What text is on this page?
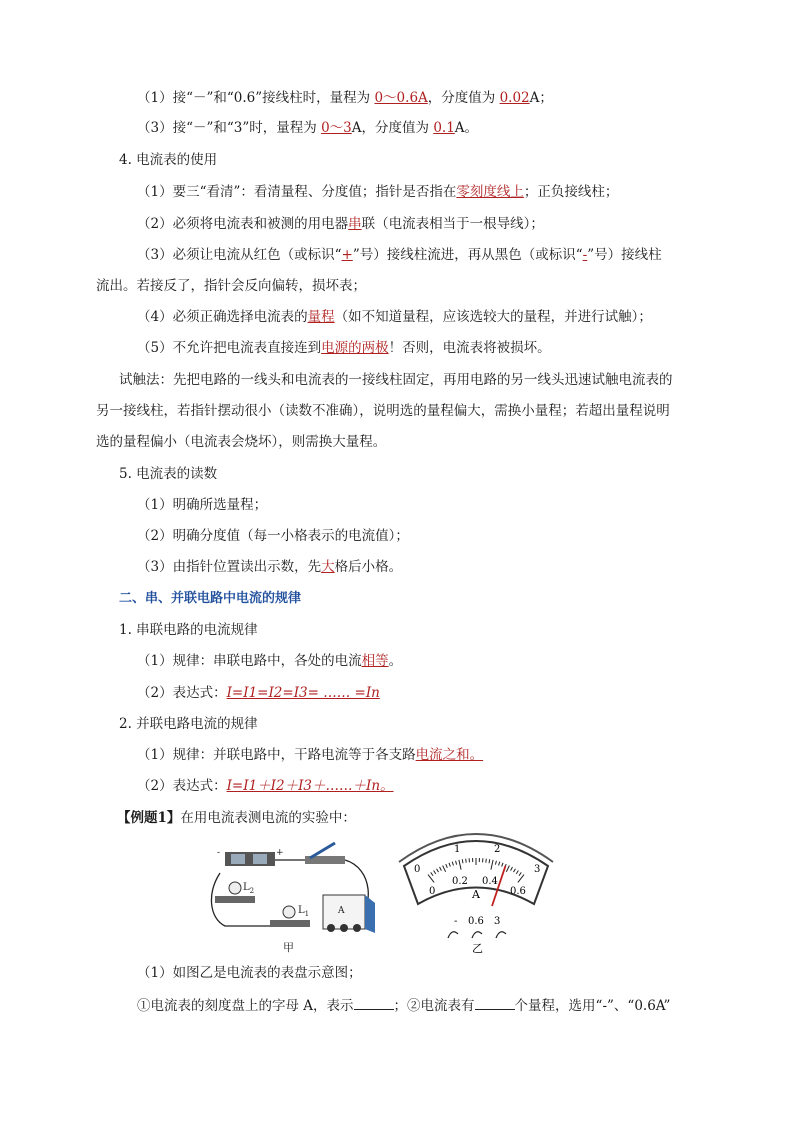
（1）接“－”和“0.6”接线柱时，量程为 0～0.6A，分度值为 0.02A；
（3）接“－”和“3”时，量程为 0～3A，分度值为 0.1A。
4. 电流表的使用
（1）要三“看清”：看清量程、分度值；指针是否指在零刻度线上；正负接线柱；
（2）必须将电流表和被测的用电器串联（电流表相当于一根导线）；
（3）必须让电流从红色（或标识“+”号）接线柱流进，再从黑色（或标识“-”号）接线柱
流出。若接反了，指针会反向偏转，损坏表；
（4）必须正确选择电流表的量程（如不知道量程，应该选较大的量程，并进行试触）；
（5）不允许把电流表直接连到电源的两极！否则，电流表将被损坏。
试触法：先把电路的一线头和电流表的一接线柱固定，再用电路的另一线头迅速试触电流表的
另一接线柱，若指针摆动很小（读数不准确），说明选的量程偏大，需换小量程；若超出量程说明
选的量程偏小（电流表会烧坏），则需换大量程。
5. 电流表的读数
（1）明确所选量程；
（2）明确分度值（每一小格表示的电流值）；
（3）由指针位置读出示数，先大格后小格。
二、串、并联电路中电流的规律
1. 串联电路的电流规律
（1）规律：串联电路中，各处的电流相等。
（2）表达式：I=I1=I2=I3= …… =In
2. 并联电路电流的规律
（1）规律：并联电路中，干路电流等于各支路电流之和。
（2）表达式：I=I1＋I2＋I3＋……＋In。
【例题1】在用电流表测电流的实验中：
-	+
$L_2$
$L_1$	A
甲
0
1	2
3
0
0.2 0.4
0.6
A
- 0.6 3
乙
（1）如图乙是电流表的表盘示意图；
①电流表的刻度盘上的字母 A，表示	；②电流表有	个量程，选用“-”、“0.6A”
